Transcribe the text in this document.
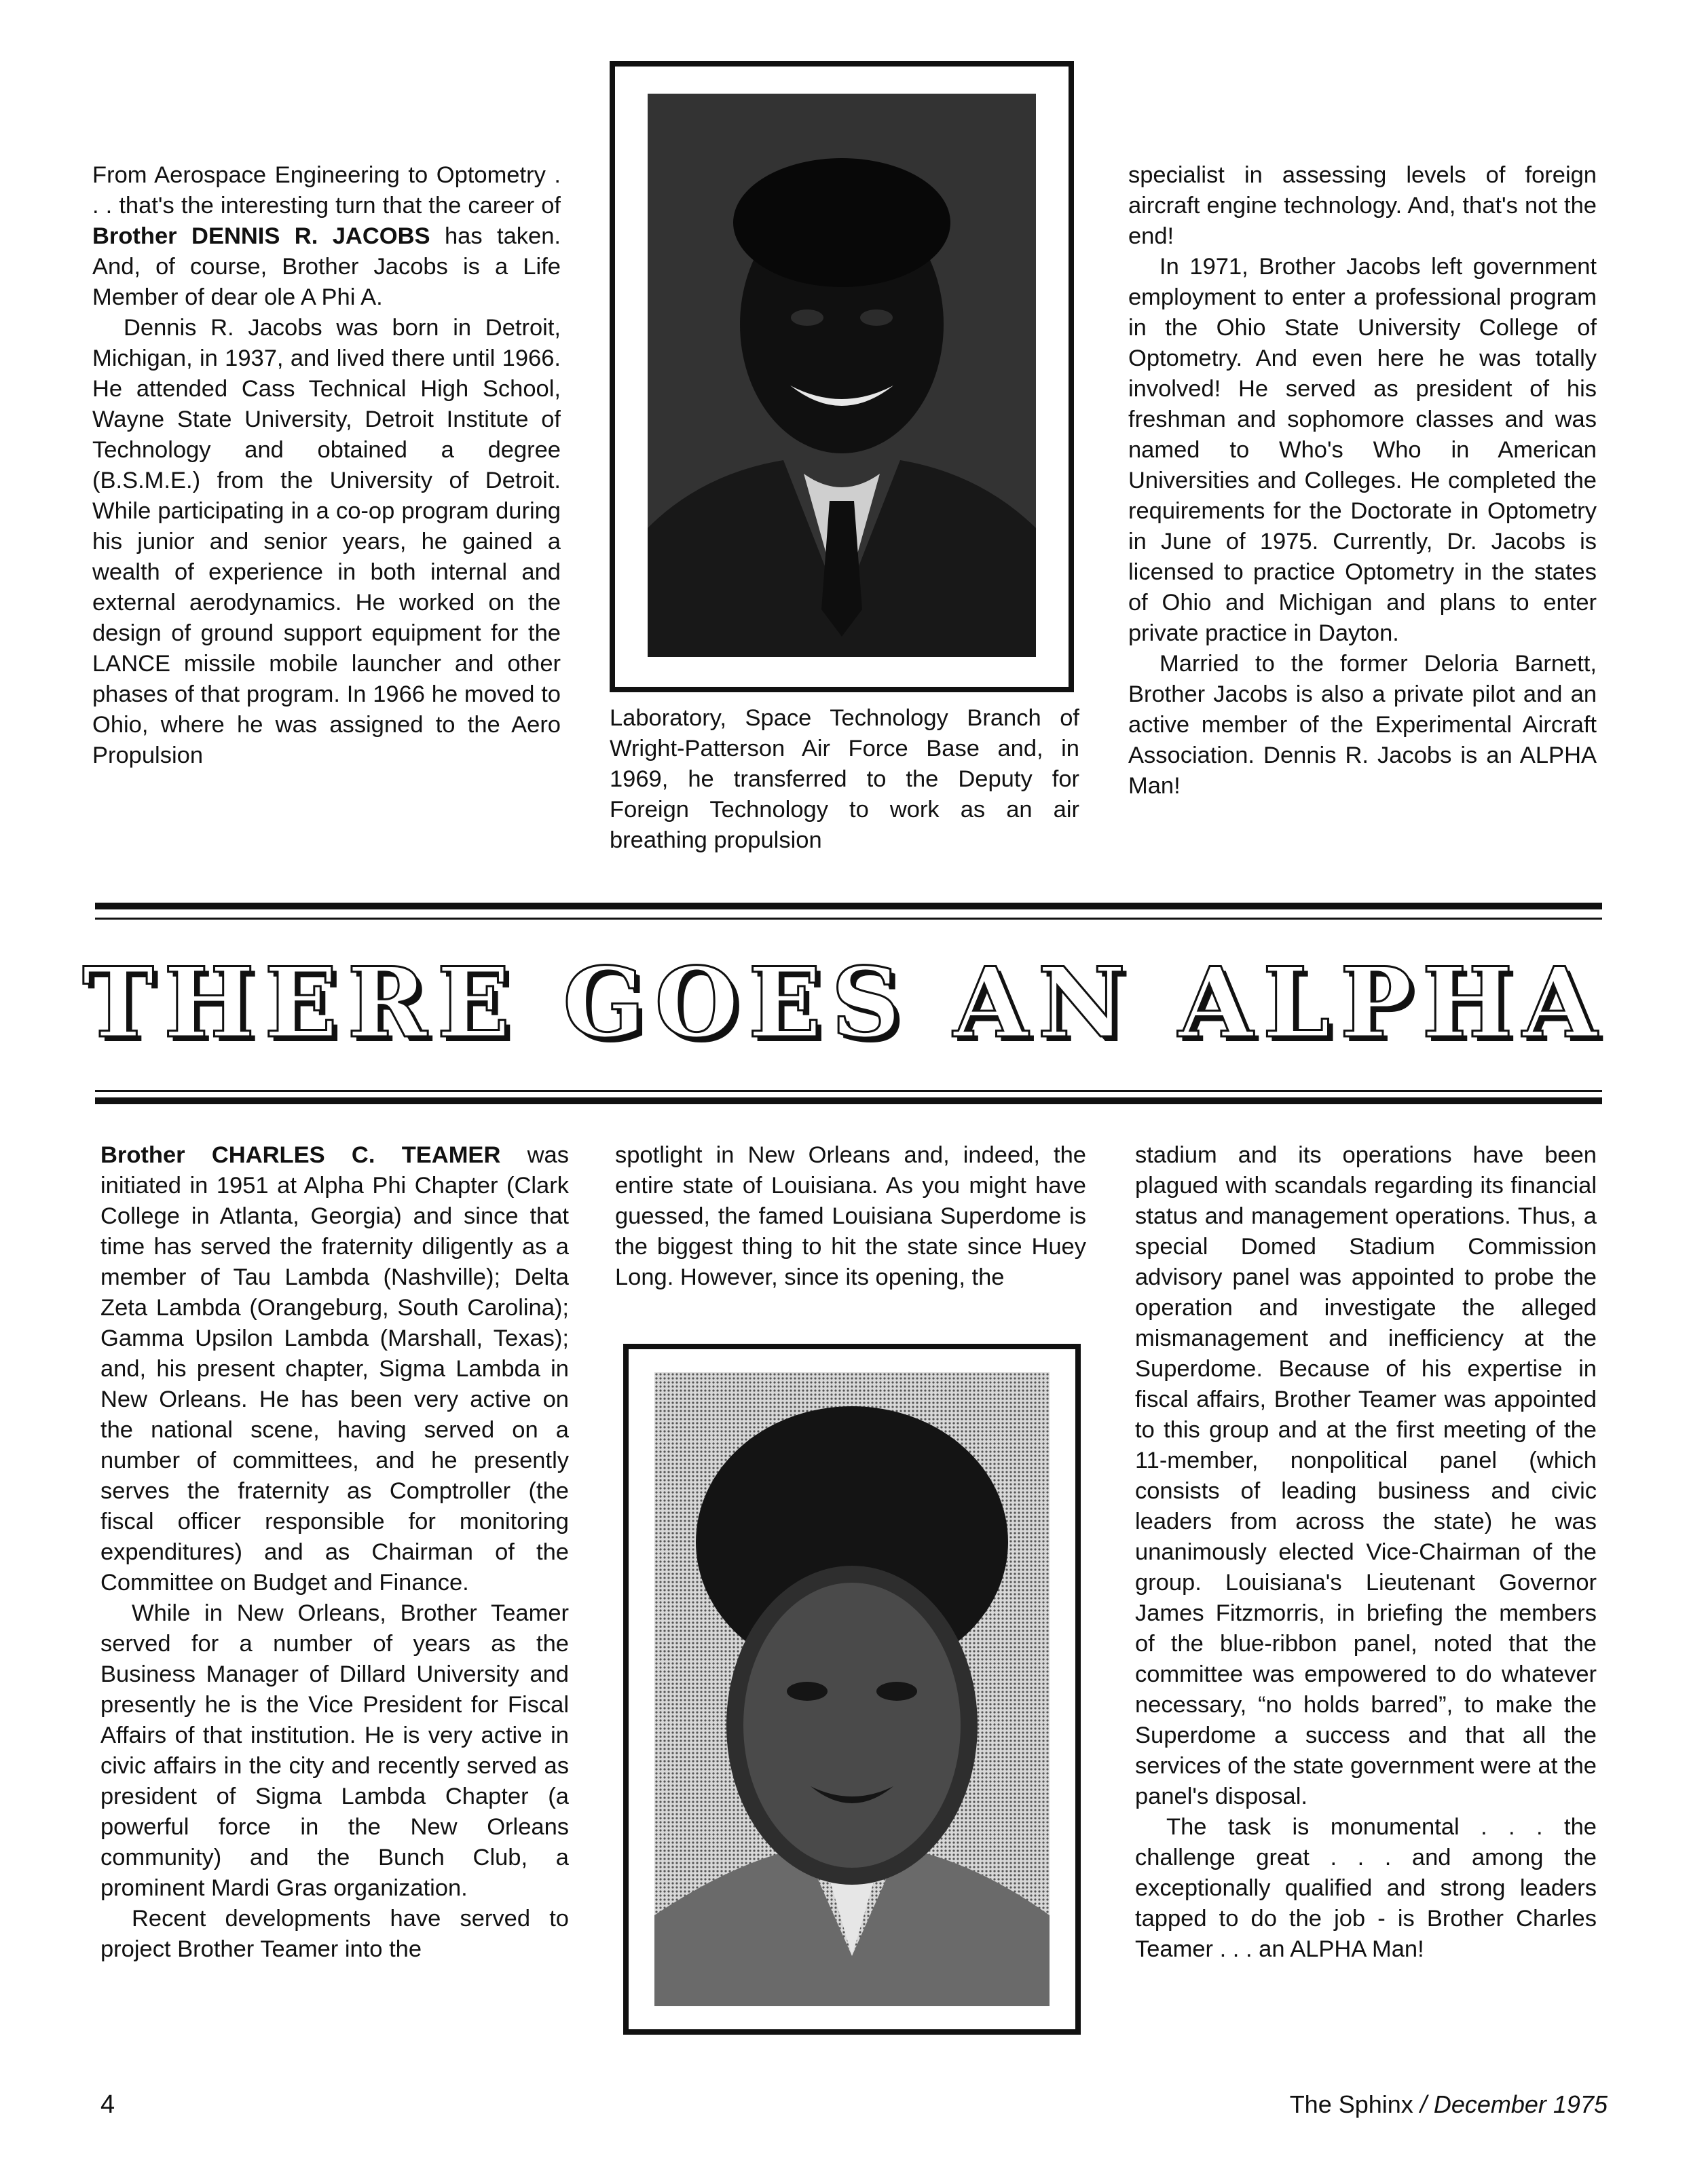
From Aerospace Engineering to Optometry . . . that's the interesting turn that the career of Brother DENNIS R. JACOBS has taken. And, of course, Brother Jacobs is a Life Member of dear ole A Phi A.

Dennis R. Jacobs was born in Detroit, Michigan, in 1937, and lived there until 1966. He attended Cass Technical High School, Wayne State University, Detroit Institute of Technology and obtained a degree (B.S.M.E.) from the University of Detroit. While participating in a co-op program during his junior and senior years, he gained a wealth of experience in both internal and external aerodynamics. He worked on the design of ground support equipment for the LANCE missile mobile launcher and other phases of that program. In 1966 he moved to Ohio, where he was assigned to the Aero Propulsion

Laboratory, Space Technology Branch of Wright-Patterson Air Force Base and, in 1969, he transferred to the Deputy for Foreign Technology to work as an air breathing propulsion

specialist in assessing levels of foreign aircraft engine technology. And, that's not the end!

In 1971, Brother Jacobs left government employment to enter a professional program in the Ohio State University College of Optometry. And even here he was totally involved! He served as president of his freshman and sophomore classes and was named to Who's Who in American Universities and Colleges. He completed the requirements for the Doctorate in Optometry in June of 1975. Currently, Dr. Jacobs is licensed to practice Optometry in the states of Ohio and Michigan and plans to enter private practice in Dayton.

Married to the former Deloria Barnett, Brother Jacobs is also a private pilot and an active member of the Experimental Aircraft Association. Dennis R. Jacobs is an ALPHA Man!

THERE GOES AN ALPHA

Brother CHARLES C. TEAMER was initiated in 1951 at Alpha Phi Chapter (Clark College in Atlanta, Georgia) and since that time has served the fraternity diligently as a member of Tau Lambda (Nashville); Delta Zeta Lambda (Orangeburg, South Carolina); Gamma Upsilon Lambda (Marshall, Texas); and, his present chapter, Sigma Lambda in New Orleans. He has been very active on the national scene, having served on a number of committees, and he presently serves the fraternity as Comptroller (the fiscal officer responsible for monitoring expenditures) and as Chairman of the Committee on Budget and Finance.

While in New Orleans, Brother Teamer served for a number of years as the Business Manager of Dillard University and presently he is the Vice President for Fiscal Affairs of that institution. He is very active in civic affairs in the city and recently served as president of Sigma Lambda Chapter (a powerful force in the New Orleans community) and the Bunch Club, a prominent Mardi Gras organization.

Recent developments have served to project Brother Teamer into the

spotlight in New Orleans and, indeed, the entire state of Louisiana. As you might have guessed, the famed Louisiana Superdome is the biggest thing to hit the state since Huey Long. However, since its opening, the

stadium and its operations have been plagued with scandals regarding its financial status and management operations. Thus, a special Domed Stadium Commission advisory panel was appointed to probe the operation and investigate the alleged mismanagement and inefficiency at the Superdome. Because of his expertise in fiscal affairs, Brother Teamer was appointed to this group and at the first meeting of the 11-member, nonpolitical panel (which consists of leading business and civic leaders from across the state) he was unanimously elected Vice-Chairman of the group. Louisiana's Lieutenant Governor James Fitzmorris, in briefing the members of the blue-ribbon panel, noted that the committee was empowered to do whatever necessary, “no holds barred”, to make the Superdome a success and that all the services of the state government were at the panel's disposal.

The task is monumental . . . the challenge great . . . and among the exceptionally qualified and strong leaders tapped to do the job - is Brother Charles Teamer . . . an ALPHA Man!

4	The Sphinx / December 1975
